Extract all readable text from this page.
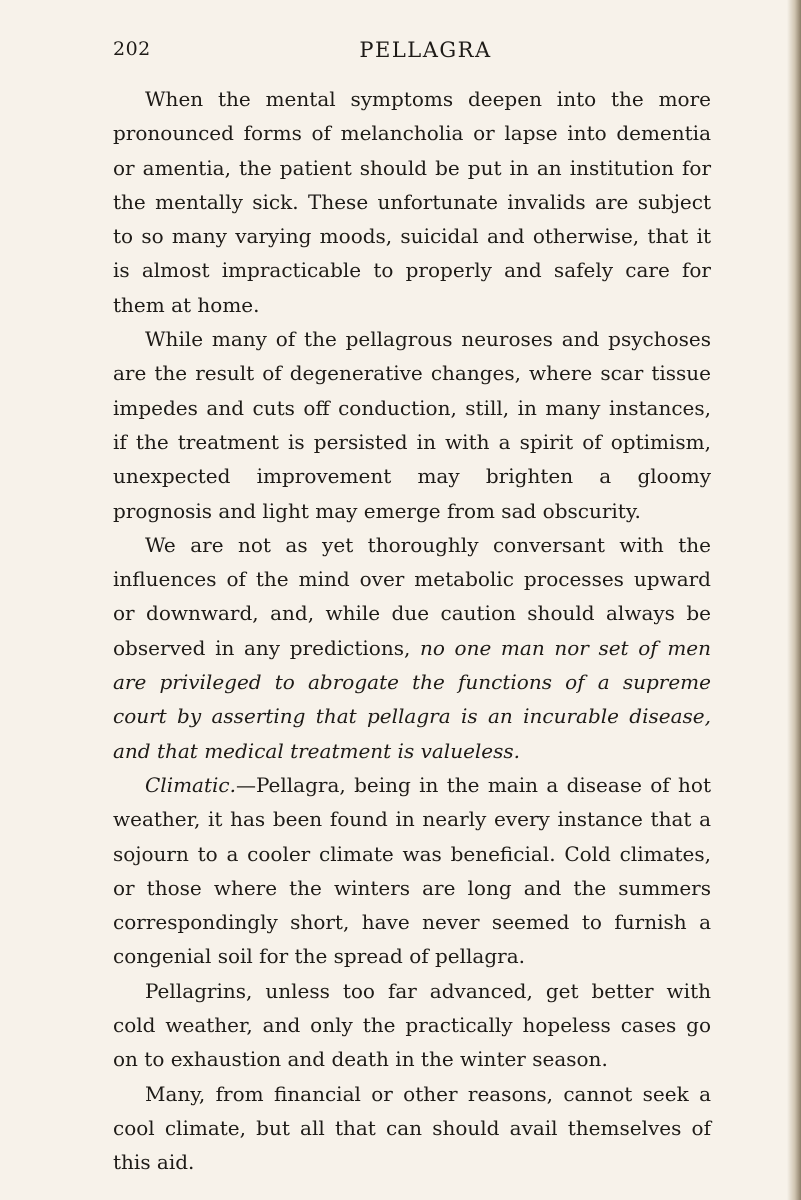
202	PELLAGRA

When the mental symptoms deepen into the more pronounced forms of melancholia or lapse into dementia or amentia, the patient should be put in an institution for the mentally sick. These unfortunate invalids are subject to so many varying moods, suicidal and otherwise, that it is almost impracticable to properly and safely care for them at home.

While many of the pellagrous neuroses and psychoses are the result of degenerative changes, where scar tissue impedes and cuts off conduction, still, in many instances, if the treatment is persisted in with a spirit of optimism, unexpected improvement may brighten a gloomy prognosis and light may emerge from sad obscurity.

We are not as yet thoroughly conversant with the influences of the mind over metabolic processes upward or downward, and, while due caution should always be observed in any predictions, no one man nor set of men are privileged to abrogate the functions of a supreme court by asserting that pellagra is an incurable disease, and that medical treatment is valueless.

Climatic.—Pellagra, being in the main a disease of hot weather, it has been found in nearly every instance that a sojourn to a cooler climate was beneficial. Cold climates, or those where the winters are long and the summers correspondingly short, have never seemed to furnish a congenial soil for the spread of pellagra.

Pellagrins, unless too far advanced, get better with cold weather, and only the practically hopeless cases go on to exhaustion and death in the winter season.

Many, from financial or other reasons, cannot seek a cool climate, but all that can should avail themselves of this aid.
